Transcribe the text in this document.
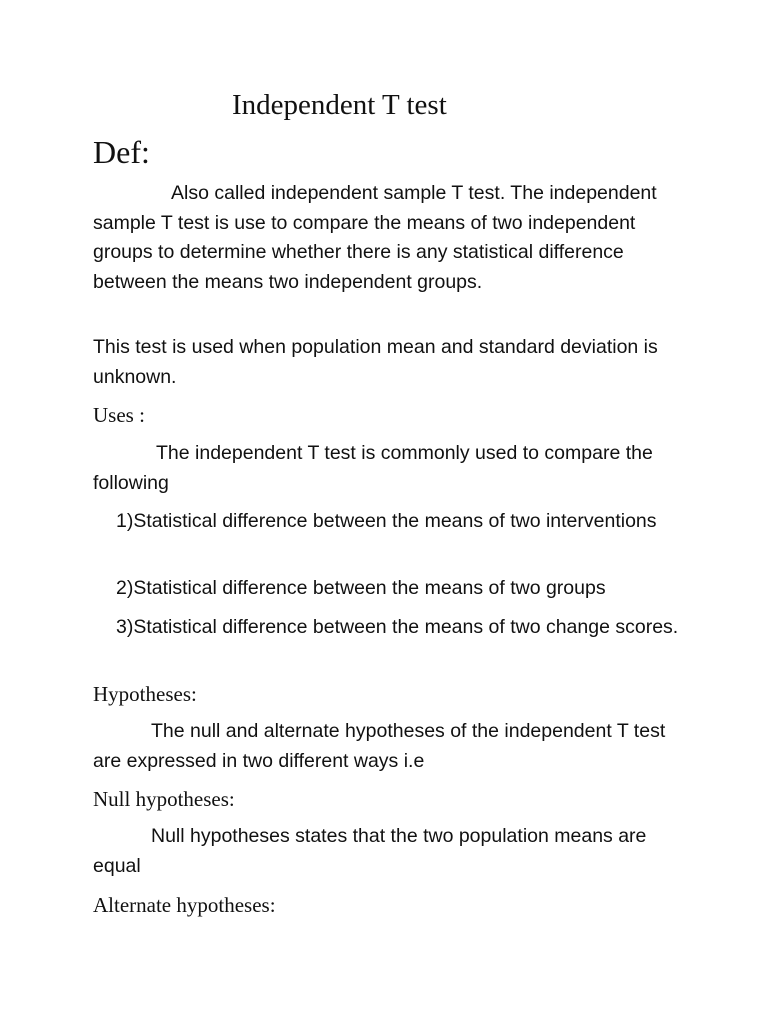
Independent T test
Def:

Also called independent sample T test. The independent sample T test is use to compare the means of two independent groups to determine whether there is any statistical difference between the means two independent groups.

This test is used when population mean and standard deviation is unknown.

Uses :

The independent T test is commonly used to compare the following

1)Statistical difference between the means of two interventions

2)Statistical difference between the means of two groups

3)Statistical difference between the means of two change scores.

Hypotheses:

The null and alternate hypotheses of the independent T test are expressed in two different ways i.e

Null hypotheses:

Null hypotheses states that the two population means are equal

Alternate hypotheses:
